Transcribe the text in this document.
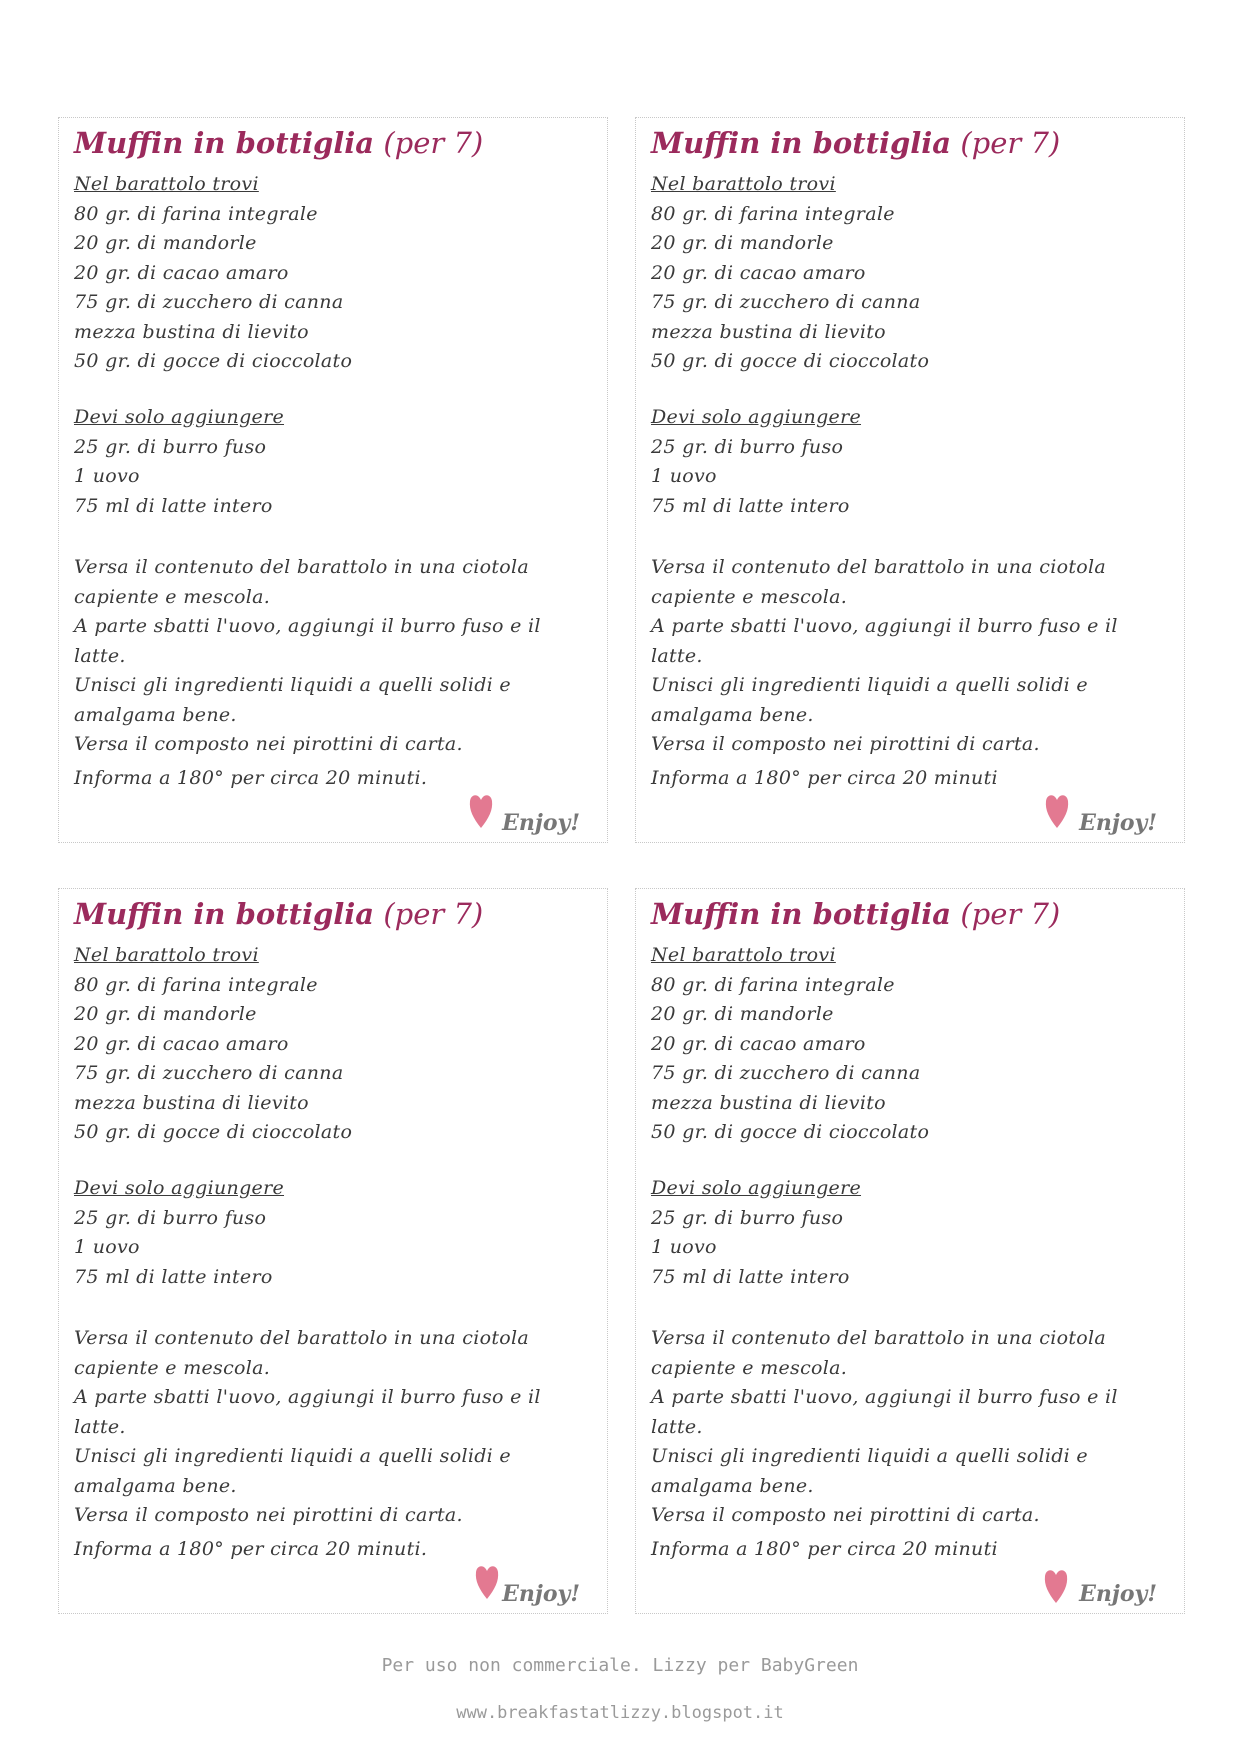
Muffin in bottiglia (per 7)
Nel barattolo trovi
80 gr. di farina integrale
20 gr. di mandorle
20 gr. di cacao amaro
75 gr. di zucchero di canna
mezza bustina di lievito
50 gr. di gocce di cioccolato
Devi solo aggiungere
25 gr. di burro fuso
1 uovo
75 ml di latte intero
Versa il contenuto del barattolo in una ciotola
capiente e mescola.
A parte sbatti l'uovo, aggiungi il burro fuso e il
latte.
Unisci gli ingredienti liquidi a quelli solidi e
amalgama bene.
Versa il composto nei pirottini di carta.
Informa a 180° per circa 20 minuti.
Enjoy!
Muffin in bottiglia (per 7)
Nel barattolo trovi
80 gr. di farina integrale
20 gr. di mandorle
20 gr. di cacao amaro
75 gr. di zucchero di canna
mezza bustina di lievito
50 gr. di gocce di cioccolato
Devi solo aggiungere
25 gr. di burro fuso
1 uovo
75 ml di latte intero
Versa il contenuto del barattolo in una ciotola
capiente e mescola.
A parte sbatti l'uovo, aggiungi il burro fuso e il
latte.
Unisci gli ingredienti liquidi a quelli solidi e
amalgama bene.
Versa il composto nei pirottini di carta.
Informa a 180° per circa 20 minuti
Enjoy!
Muffin in bottiglia (per 7)
Nel barattolo trovi
80 gr. di farina integrale
20 gr. di mandorle
20 gr. di cacao amaro
75 gr. di zucchero di canna
mezza bustina di lievito
50 gr. di gocce di cioccolato
Devi solo aggiungere
25 gr. di burro fuso
1 uovo
75 ml di latte intero
Versa il contenuto del barattolo in una ciotola
capiente e mescola.
A parte sbatti l'uovo, aggiungi il burro fuso e il
latte.
Unisci gli ingredienti liquidi a quelli solidi e
amalgama bene.
Versa il composto nei pirottini di carta.
Informa a 180° per circa 20 minuti.
Enjoy!
Muffin in bottiglia (per 7)
Nel barattolo trovi
80 gr. di farina integrale
20 gr. di mandorle
20 gr. di cacao amaro
75 gr. di zucchero di canna
mezza bustina di lievito
50 gr. di gocce di cioccolato
Devi solo aggiungere
25 gr. di burro fuso
1 uovo
75 ml di latte intero
Versa il contenuto del barattolo in una ciotola
capiente e mescola.
A parte sbatti l'uovo, aggiungi il burro fuso e il
latte.
Unisci gli ingredienti liquidi a quelli solidi e
amalgama bene.
Versa il composto nei pirottini di carta.
Informa a 180° per circa 20 minuti
Enjoy!
Per uso non commerciale. Lizzy per BabyGreen
www.breakfastatlizzy.blogspot.it
